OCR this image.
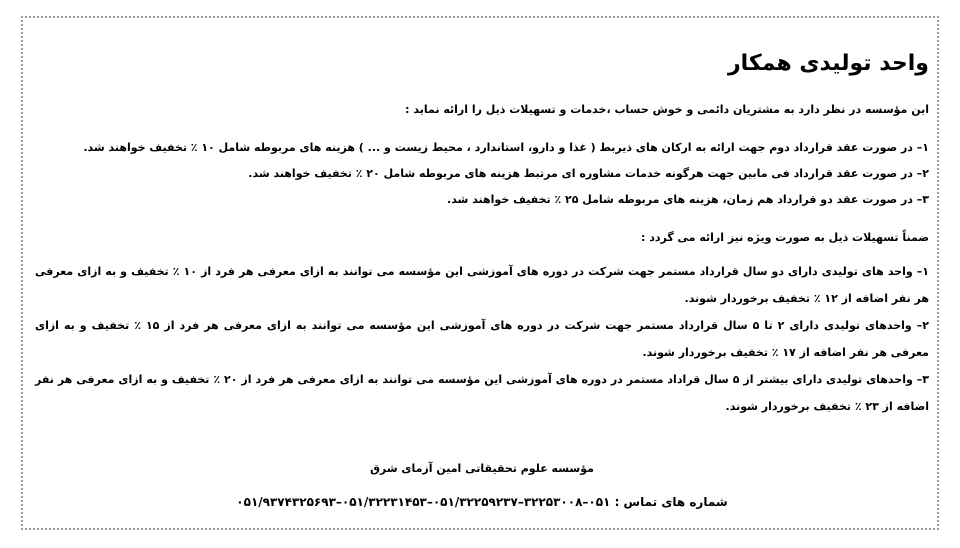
واحد تولیدی همکار
این مؤسسه در نظر دارد به مشتریان دائمی و خوش حساب ،خدمات و تسهیلات ذیل را ارائه نماید :
۱– در صورت عقد قرارداد دوم جهت ارائه به ارکان های ذیربط ( غذا و دارو، استاندارد ، محیط زیست و ... ) هزینه های مربوطه شامل ۱۰ ٪ تخفیف خواهند شد.
۲– در صورت عقد قرارداد فی مابین جهت هرگونه خدمات مشاوره ای مرتبط هزینه های مربوطه شامل ۲۰ ٪ تخفیف خواهند شد.
۳– در صورت عقد دو قرارداد هم زمان، هزینه های مربوطه شامل ۲۵ ٪ تخفیف خواهند شد.
ضمناً تسهیلات ذیل به صورت ویژه نیز ارائه می گردد :
۱– واحد های تولیدی دارای دو سال قرارداد مستمر جهت شرکت در دوره های آموزشی این مؤسسه می توانند به ازای معرفی هر فرد از ۱۰ ٪ تخفیف و به ازای معرفی هر نفر اضافه از ۱۲ ٪ تخفیف برخوردار شوند.
۲– واحدهای تولیدی دارای ۲ تا ۵ سال قرارداد مستمر جهت شرکت در دوره های آموزشی این مؤسسه می توانند به ازای معرفی هر فرد از ۱۵ ٪ تخفیف و به ازای معرفی هر نفر اضافه از ۱۷ ٪ تخفیف برخوردار شوند.
۳– واحدهای تولیدی دارای بیشتر از ۵ سال قراداد مستمر در دوره های آموزشی این مؤسسه می توانند به ازای معرفی هر فرد از ۲۰ ٪ تخفیف و به ازای معرفی هر نفر اضافه از ۲۳ ٪ تخفیف برخوردار شوند.
مؤسسه علوم تحقیقاتی امین آزمای شرق
شماره های تماس : ۰۵۱–۳۲۲۵۳۰۰۸–۰۵۱/۳۲۲۵۹۲۳۷–۰۵۱/۳۲۲۳۱۴۵۳–۰۵۱/۹۳۷۴۳۲۵۶۹۳
